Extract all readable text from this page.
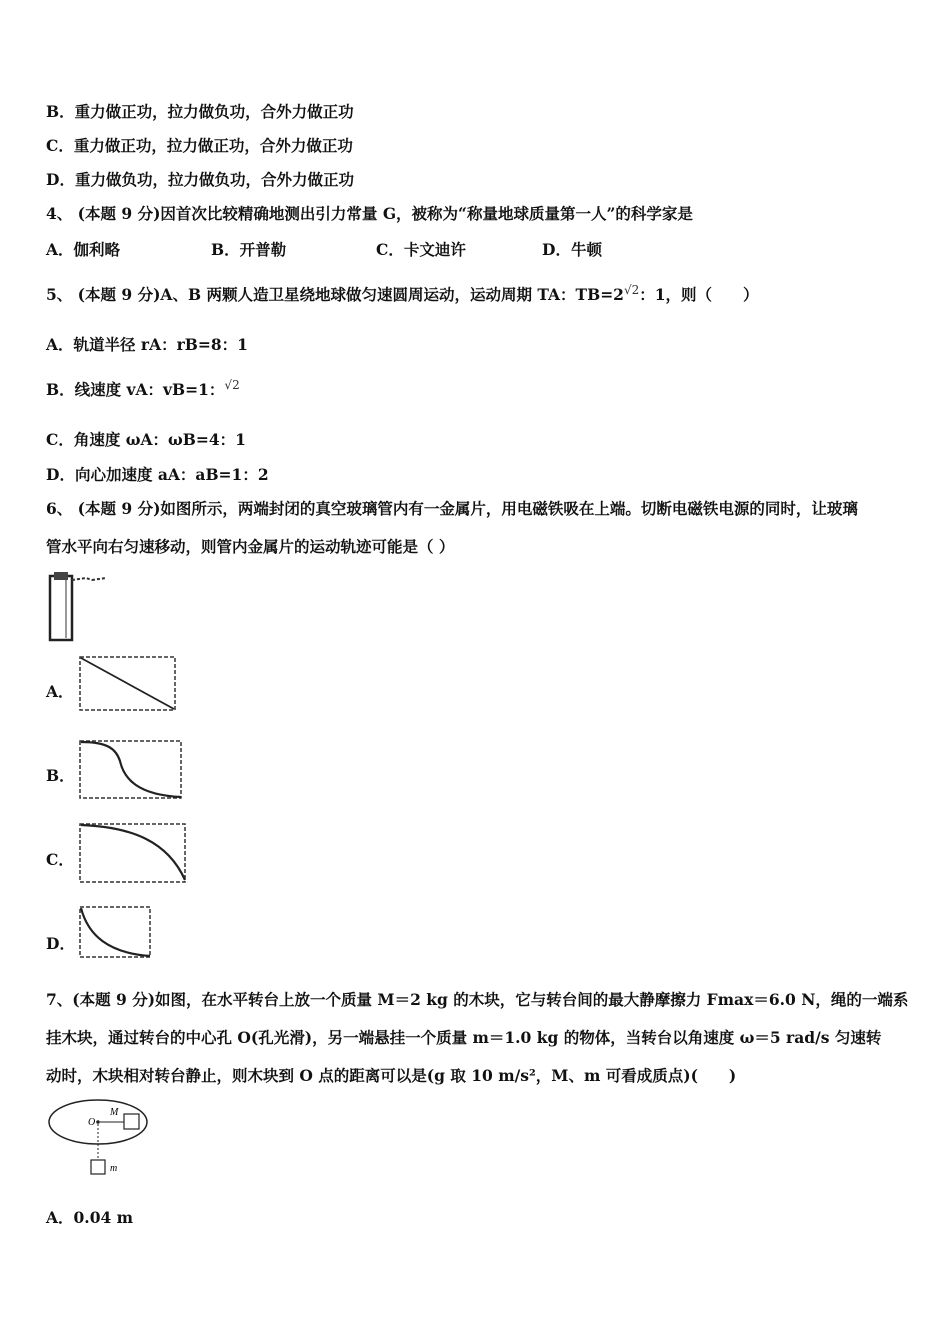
B．重力做正功，拉力做负功，合外力做正功
C．重力做正功，拉力做正功，合外力做正功
D．重力做负功，拉力做负功，合外力做正功
4、 (本题 9 分)因首次比较精确地测出引力常量 G，被称为“称量地球质量第一人”的科学家是
A．伽利略	B．开普勒	C．卡文迪许	D．牛顿
5、 (本题 9 分)A、B 两颗人造卫星绕地球做匀速圆周运动，运动周期 TA：$TB=2^{√2}$：1，则（　　）
A．轨道半径 rA：rB=8：1
B．线速度 vA：vB=1：$^{√2}$
C．角速度 ωA：ωB=4：1
D．向心加速度 aA：aB=1：2
6、 (本题 9 分)如图所示，两端封闭的真空玻璃管内有一金属片，用电磁铁吸在上端。切断电磁铁电源的同时，让玻璃
管水平向右匀速移动，则管内金属片的运动轨迹可能是（ ）
A．
B．
C．
D．
7、(本题 9 分)如图，在水平转台上放一个质量 M＝2 kg 的木块，它与转台间的最大静摩擦力 Fmax＝6.0 N，绳的一端系
挂木块，通过转台的中心孔 O(孔光滑)，另一端悬挂一个质量 m＝1.0 kg 的物体，当转台以角速度 ω＝5 rad/s 匀速转
动时，木块相对转台静止，则木块到 O 点的距离可以是(g 取 10 m/s²，M、m 可看成质点)(　　)
O
M
m
A．0.04 m
